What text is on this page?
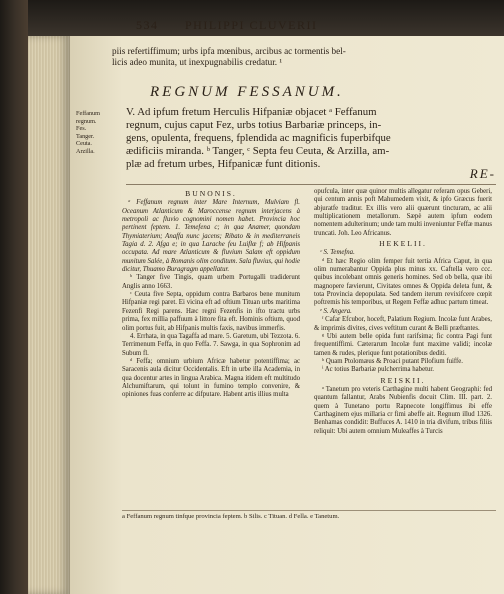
534 PHILIPPI CLUVERII
piis refertiffimum; urbs ipfa mœnibus, arcibus ac tormentis bel-
licis adeo munita, ut inexpugnabilis credatur. ¹
REGNUM FESSANUM.
Feffanum
regnum.
Fes.
Tanger.
Ceuta.
Arzilla.
V. Ad ipfum fretum Herculis Hifpaniæ objacet ᵃ Feffanum
regnum, cujus caput Fez, urbs totius Barbariæ princeps, in-
gens, opulenta, frequens, fplendida ac magnificis fuperbifque
ædificiis miranda. ᵇ Tanger, ᶜ Septa feu Ceuta, & Arzilla, am-
plæ ad fretum urbes, Hifpanicæ funt ditionis.
RE-
BUNONIS.

ᵃ Feffanum regnum inter Mare Internum, Mulviam fl. Oceanum Atlanticum & Maroccense regnum interjacens à metropoli ac fluvio cognomini nomen habet. Provincia hoc pertinent feptem. 1. Temefena c; in qua Anamer, quondam Thymiaterium; Anaffa nunc jacens; Ribato & in mediterraneis Tagia d. 2. Afga e; in qua Larache feu Luiflæ f; ab Hifpanis occupata. Ad mare Atlanticum & fluvium Salam eft oppidum munitum Salée, à Romanis olim conditum. Sala fluvius, qui hodie dicitur, Thuamo Buragragm appellatur.

ᵇ Tanger five Tingis, quam urbem Portugalli tradiderunt Anglis anno 1663.

ᶜ Ceuta five Septa, oppidum contra Barbaros bene munitum Hifpaniæ regi paret. Ei vicina eft ad oftium Tituan urbs maritima Fezenfi Regi parens. Hæc regni Fezenfis in ifto tractu urbs prima, fex millia paffuum à littore fita eft. Hominis oftium, quod olim portus fuit, ab Hifpanis multis faxis, navibus immerfis.

4. Errhata, in qua Tagaffa ad mare. 5. Garetum, ubi Tezzota. 6. Terrimenum Feffa, in quo Feffa. 7. Sawga, in qua Sophronim ad Subum fl.

ᵈ Feffa; omnium urbium Africæ habetur potentiffima; ac Saracenis aula dicitur Occidentalis. Eft in urbe illa Academia, in qua docentur artes in lingua Arabica. Magna itidem eft multitudo Alchumiftarum, qui tolunt in fumino templo convenire, & opiniones fuas conferre ac difputare. Habent artis illius multa

opufcula, inter quæ quinor multis allegatur referam opus Geberi, qui centum annis poft Mahumedem vixit, & ipfo Græcus fuerit abjuratfe traditur. Ex illis vero alii quærunt tincturam, ac alii multiplicationem metallorum. Sæpè autem ipfum eodem nomentem adulterinum; unde tam multi inveniuntur Feffæ manus truncati. Joh. Leo Africanus.

HEKELII.

ᶜ S. Temefna.

ᵈ Et hæc Regio olim femper fuit tertia Africa Caput, in qua olim numerabantur Oppida plus minus xx. Caftella vero ccc. quibus incolebant omnis generis homines. Sed ob bella, quæ ibi magnopere fævierunt, Civitates omnes & Oppida deleta funt, & tota Provincia depopulata. Sed tandem iterum revixifcere cœpit poftremis his temporibus, ut Regem Feffæ adhuc partum timeat.

ᵉ S. Angera.

ᶠ Cafar Efcubor, hoceft, Palatium Regium. Incolæ funt Arabes, & imprimis divites, cives veftitum curant & Belli præftantes.

ᵍ Ubi autem belle opida funt rarifsima; fic contra Pagi funt frequentiffimi. Cæterarum Incolæ funt maxime validi; incolæ tamen & rudes, plerique funt potationibus dediti.

ʰ Quam Ptolomæus & Proaci putant Pilofium fuiffe.

ⁱ Ac totius Barbariæ pulcherrima habetur.

REISKII.

ᵃ Tanetum pro veteris Carthagine multi habent Geographi: fed quantum fallantur, Arabs Nubienfis docuit Clim. III. part. 2. quem à Tunetano portu Rapnecote longiffimus ibi effe Carthaginem ejus millaria cr fimi abeffe ait. Regnum illud 1326. Benhamas condidit: Buffuces A. 1410 in tria divifum, tribus filiis reliquit: Ubi autem omnium Muleaffes à Turcis

a Feffanum regnum tinfque provincia feptem. b Silis. c Tituan. d Fella. e Tanetum.
